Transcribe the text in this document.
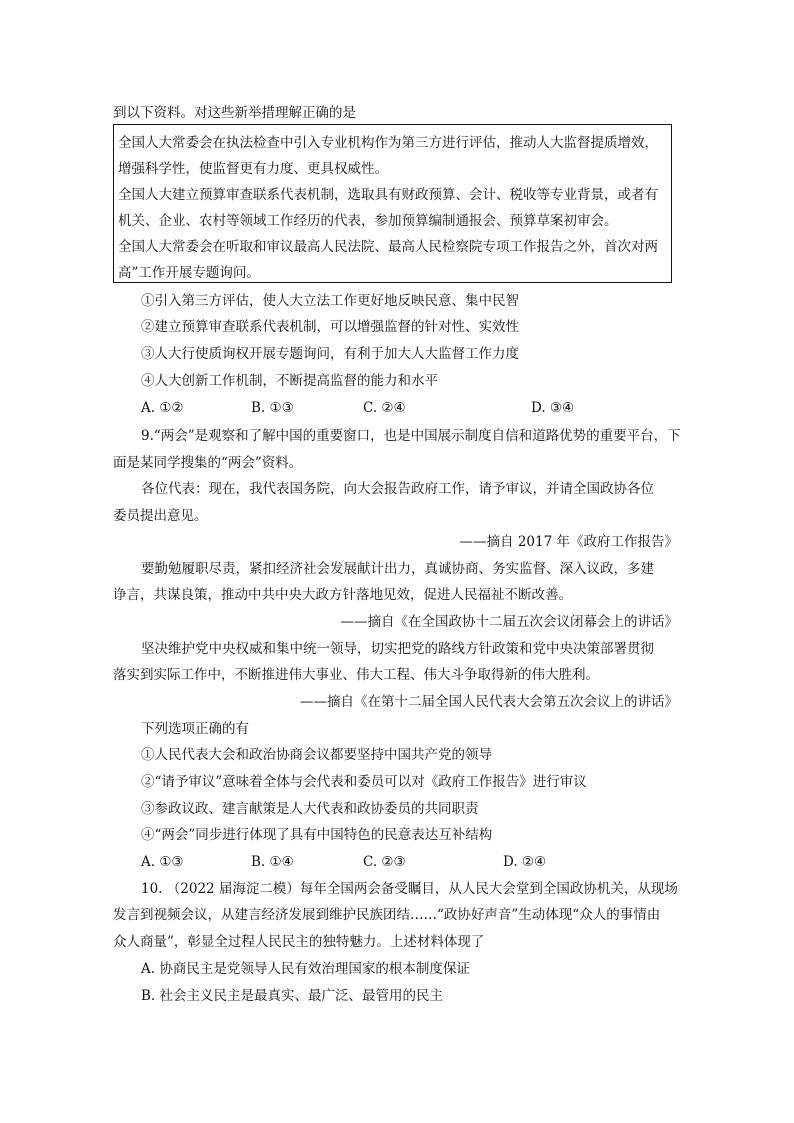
到以下资料。对这些新举措理解正确的是
全国人大常委会在执法检查中引入专业机构作为第三方进行评估，推动人大监督提质增效，
增强科学性，使监督更有力度、更具权威性。
全国人大建立预算审查联系代表机制，选取具有财政预算、会计、税收等专业背景，或者有
机关、企业、农村等领域工作经历的代表，参加预算编制通报会、预算草案初审会。
全国人大常委会在听取和审议最高人民法院、最高人民检察院专项工作报告之外，首次对两
高”工作开展专题询问。
①引入第三方评估，使人大立法工作更好地反映民意、集中民智
②建立预算审查联系代表机制，可以增强监督的针对性、实效性
③人大行使质询权开展专题询问，有利于加大人大监督工作力度
④人大创新工作机制，不断提高监督的能力和水平
A. ①②	B. ①③	C. ②④	D. ③④
9.“两会”是观察和了解中国的重要窗口，也是中国展示制度自信和道路优势的重要平台，下
面是某同学搜集的“两会”资料。
各位代表：现在，我代表国务院，向大会报告政府工作，请予审议，并请全国政协各位
委员提出意见。
——摘自 2017 年《政府工作报告》
要勤勉履职尽责，紧扣经济社会发展献计出力，真诚协商、务实监督、深入议政，多建
诤言，共谋良策，推动中共中央大政方针落地见效，促进人民福祉不断改善。
——摘自《在全国政协十二届五次会议闭幕会上的讲话》
坚决维护党中央权威和集中统一领导，切实把党的路线方针政策和党中央决策部署贯彻
落实到实际工作中，不断推进伟大事业、伟大工程、伟大斗争取得新的伟大胜利。
——摘自《在第十二届全国人民代表大会第五次会议上的讲话》
下列选项正确的有
①人民代表大会和政治协商会议都要坚持中国共产党的领导
②“请予审议”意味着全体与会代表和委员可以对《政府工作报告》进行审议
③参政议政、建言献策是人大代表和政协委员的共同职责
④“两会”同步进行体现了具有中国特色的民意表达互补结构
A. ①③	B. ①④	C. ②③	D. ②④
10. （2022 届海淀二模）每年全国两会备受瞩目，从人民大会堂到全国政协机关，从现场
发言到视频会议，从建言经济发展到维护民族团结……“政协好声音”生动体现“众人的事情由
众人商量”，彰显全过程人民民主的独特魅力。上述材料体现了
A. 协商民主是党领导人民有效治理国家的根本制度保证
B. 社会主义民主是最真实、最广泛、最管用的民主
